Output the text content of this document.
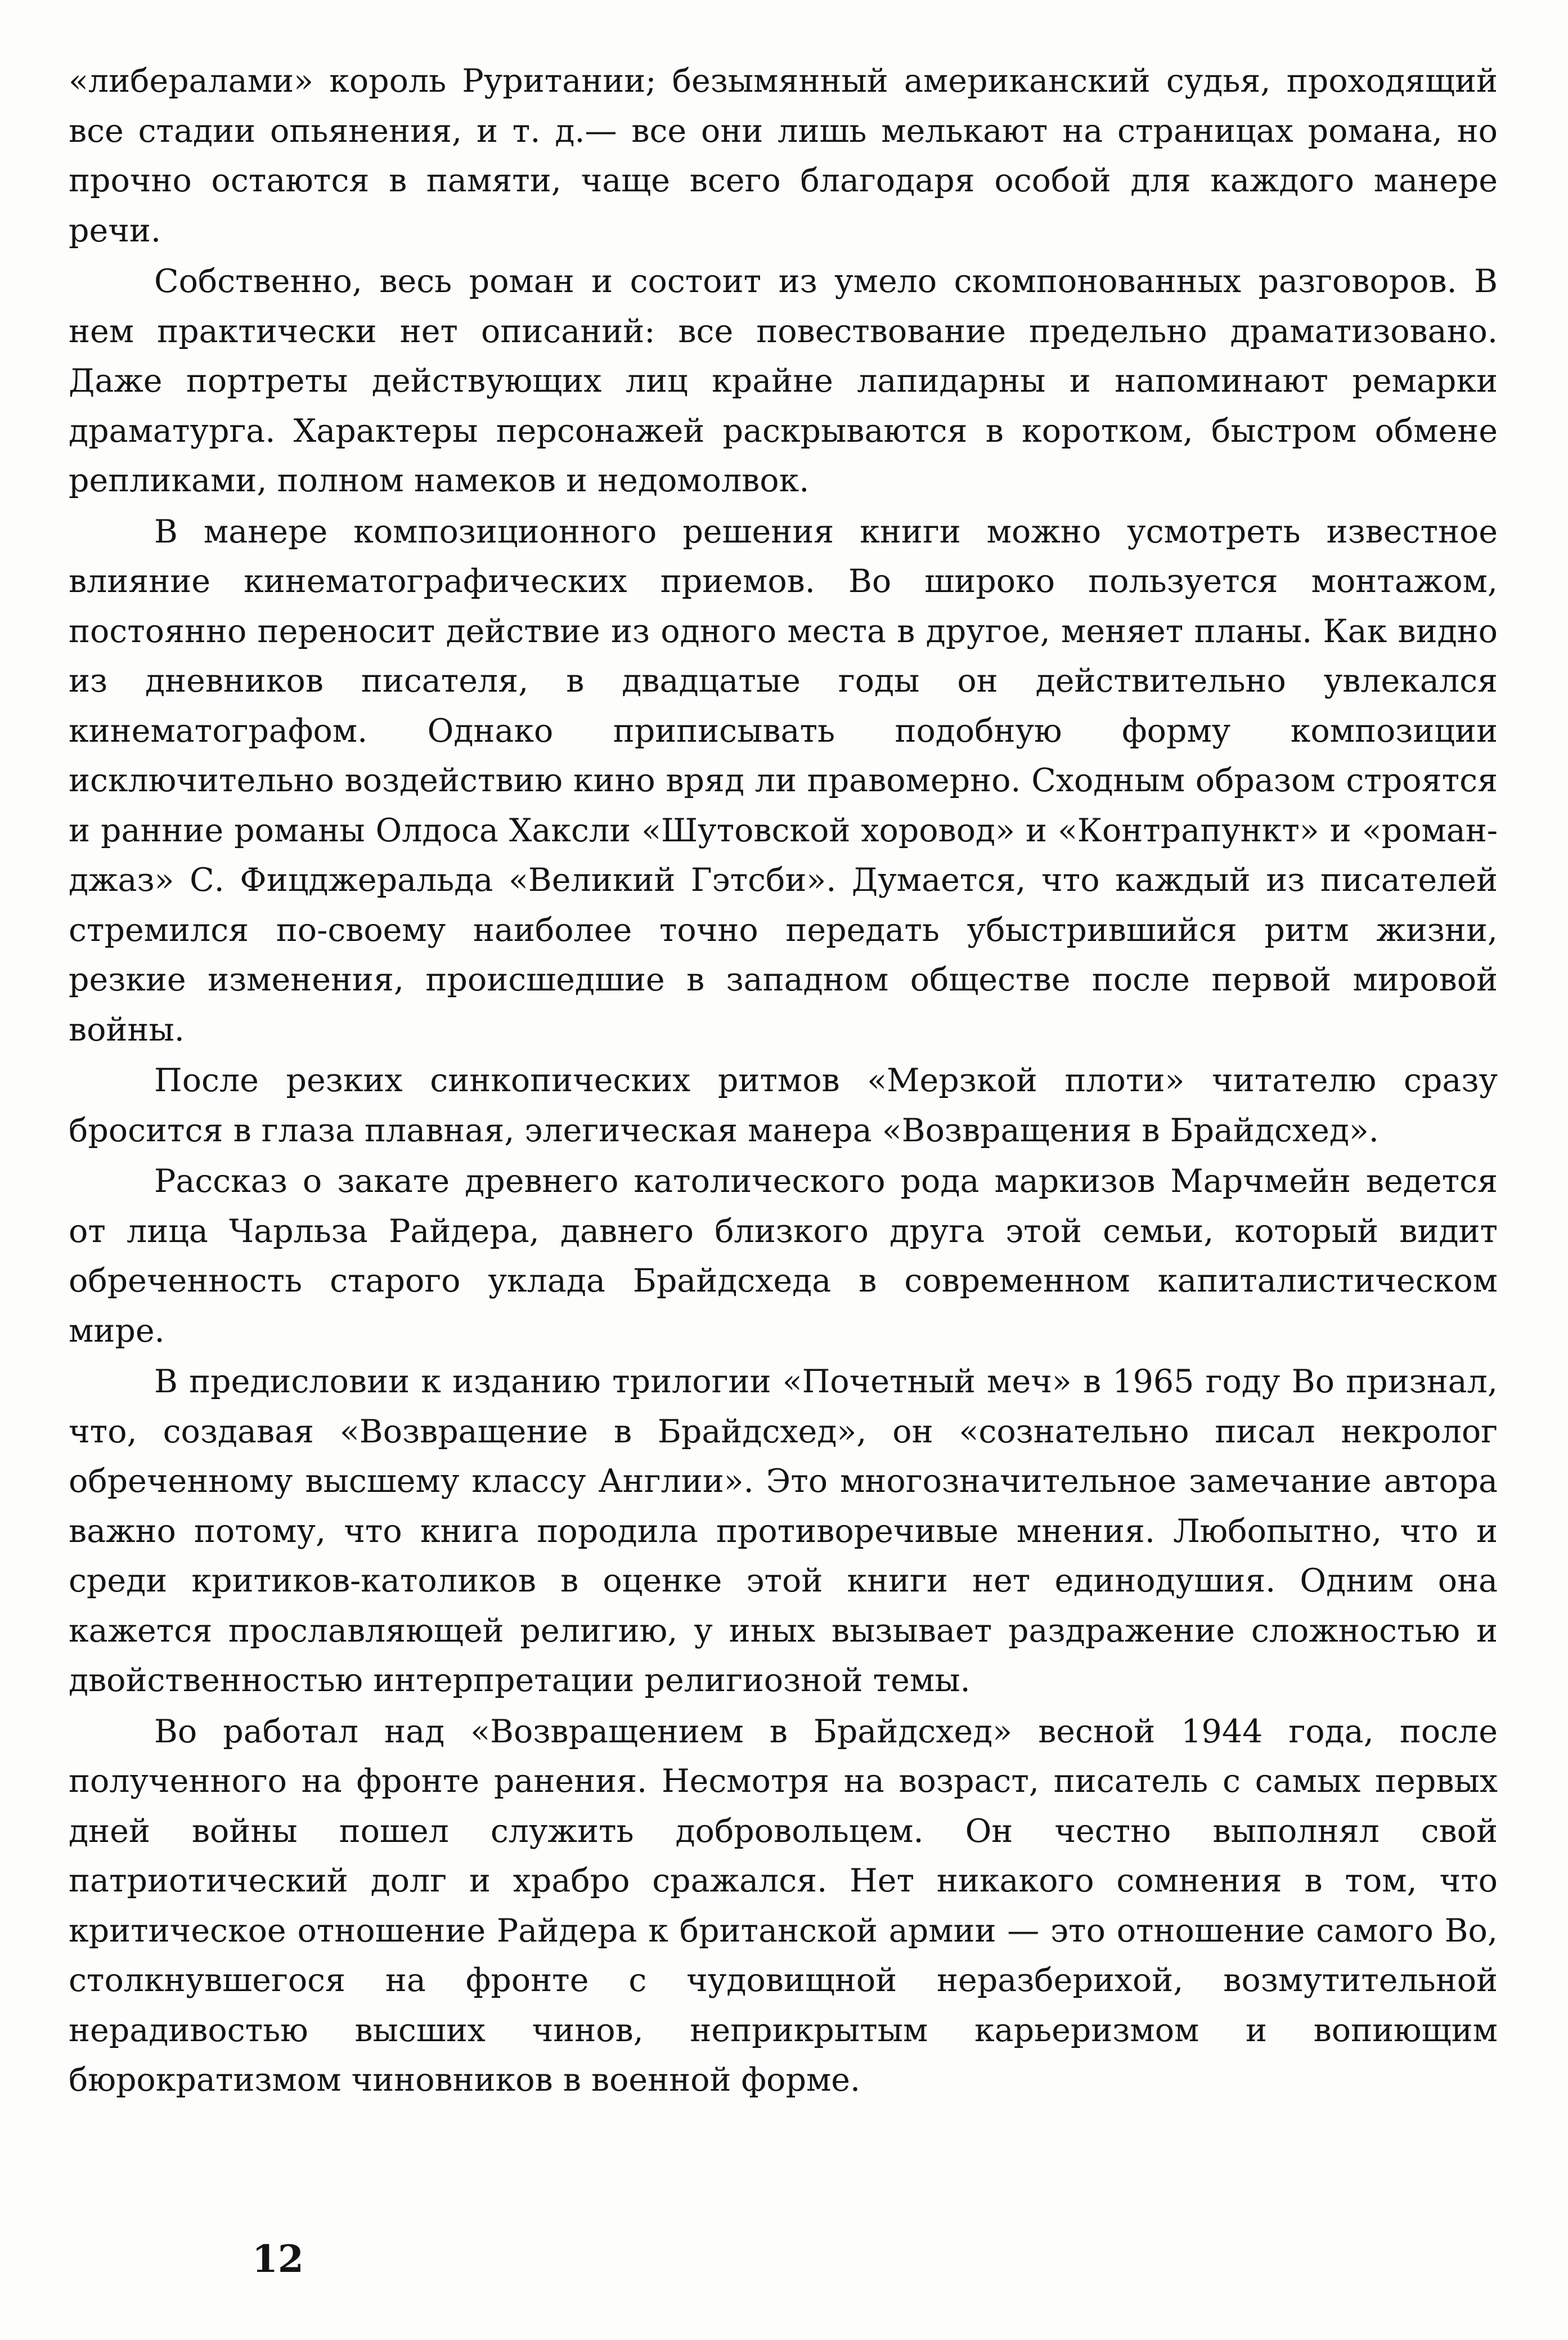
«либералами» король Руритании; безымянный американский судья, проходящий все стадии опьянения, и т. д.— все они лишь мелькают на страницах романа, но прочно остаются в памяти, чаще всего благодаря особой для каждого манере речи.

Собственно, весь роман и состоит из умело скомпонованных разговоров. В нем практически нет описаний: все повествование предельно драматизовано. Даже портреты действующих лиц крайне лапидарны и напоминают ремарки драматурга. Характеры персонажей раскрываются в коротком, быстром обмене репликами, полном намеков и недомолвок.

В манере композиционного решения книги можно усмотреть известное влияние кинематографических приемов. Во широко пользуется монтажом, постоянно переносит действие из одного места в другое, меняет планы. Как видно из дневников писателя, в двадцатые годы он действительно увлекался кинематографом. Однако приписывать подобную форму композиции исключительно воздействию кино вряд ли правомерно. Сходным образом строятся и ранние романы Олдоса Хаксли «Шутовской хоровод» и «Контрапункт» и «роман-джаз» С. Фицджеральда «Великий Гэтсби». Думается, что каждый из писателей стремился по-своему наиболее точно передать убыстрившийся ритм жизни, резкие изменения, происшедшие в западном обществе после первой мировой войны.

После резких синкопических ритмов «Мерзкой плоти» читателю сразу бросится в глаза плавная, элегическая манера «Возвращения в Брайдсхед».

Рассказ о закате древнего католического рода маркизов Марчмейн ведется от лица Чарльза Райдера, давнего близкого друга этой семьи, который видит обреченность старого уклада Брайдсхеда в современном капиталистическом мире.

В предисловии к изданию трилогии «Почетный меч» в 1965 году Во признал, что, создавая «Возвращение в Брайдсхед», он «сознательно писал некролог обреченному высшему классу Англии». Это многозначительное замечание автора важно потому, что книга породила противоречивые мнения. Любопытно, что и среди критиков-католиков в оценке этой книги нет единодушия. Одним она кажется прославляющей религию, у иных вызывает раздражение сложностью и двойственностью интерпретации религиозной темы.

Во работал над «Возвращением в Брайдсхед» весной 1944 года, после полученного на фронте ранения. Несмотря на возраст, писатель с самых первых дней войны пошел служить добровольцем. Он честно выполнял свой патриотический долг и храбро сражался. Нет никакого сомнения в том, что критическое отношение Райдера к британской армии — это отношение самого Во, столкнувшегося на фронте с чудовищной неразберихой, возмутительной нерадивостью высших чинов, неприкрытым карьеризмом и вопиющим бюрократизмом чиновников в военной форме.

12
